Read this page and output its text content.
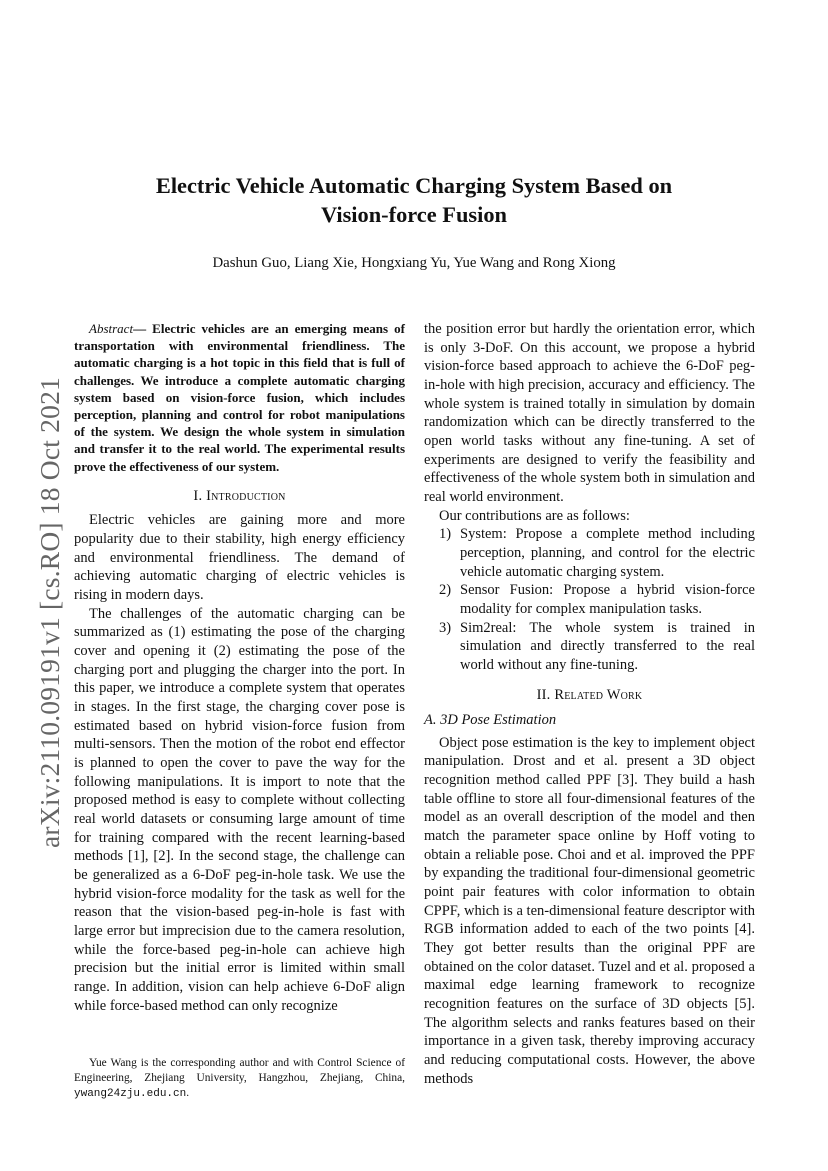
arXiv:2110.09191v1 [cs.RO] 18 Oct 2021
Electric Vehicle Automatic Charging System Based on
Vision-force Fusion
Dashun Guo, Liang Xie, Hongxiang Yu, Yue Wang and Rong Xiong

Abstract— Electric vehicles are an emerging means of transportation with environmental friendliness. The automatic charging is a hot topic in this field that is full of challenges. We introduce a complete automatic charging system based on vision-force fusion, which includes perception, planning and control for robot manipulations of the system. We design the whole system in simulation and transfer it to the real world. The experimental results prove the effectiveness of our system.

I. Introduction

Electric vehicles are gaining more and more popularity due to their stability, high energy efficiency and environmental friendliness. The demand of achieving automatic charging of electric vehicles is rising in modern days.

The challenges of the automatic charging can be summarized as (1) estimating the pose of the charging cover and opening it (2) estimating the pose of the charging port and plugging the charger into the port. In this paper, we introduce a complete system that operates in stages. In the first stage, the charging cover pose is estimated based on hybrid vision-force fusion from multi-sensors. Then the motion of the robot end effector is planned to open the cover to pave the way for the following manipulations. It is import to note that the proposed method is easy to complete without collecting real world datasets or consuming large amount of time for training compared with the recent learning-based methods [1], [2]. In the second stage, the challenge can be generalized as a 6-DoF peg-in-hole task. We use the hybrid vision-force modality for the task as well for the reason that the vision-based peg-in-hole is fast with large error but imprecision due to the camera resolution, while the force-based peg-in-hole can achieve high precision but the initial error is limited within small range. In addition, vision can help achieve 6-DoF align while force-based method can only recognize

the position error but hardly the orientation error, which is only 3-DoF. On this account, we propose a hybrid vision-force based approach to achieve the 6-DoF peg-in-hole with high precision, accuracy and efficiency. The whole system is trained totally in simulation by domain randomization which can be directly transferred to the open world tasks without any fine-tuning. A set of experiments are designed to verify the feasibility and effectiveness of the whole system both in simulation and real world environment.

Our contributions are as follows:

1) System: Propose a complete method including perception, planning, and control for the electric vehicle automatic charging system.
2) Sensor Fusion: Propose a hybrid vision-force modality for complex manipulation tasks.
3) Sim2real: The whole system is trained in simulation and directly transferred to the real world without any fine-tuning.
II. Related Work
A. 3D Pose Estimation

Object pose estimation is the key to implement object manipulation. Drost and et al. present a 3D object recognition method called PPF [3]. They build a hash table offline to store all four-dimensional features of the model as an overall description of the model and then match the parameter space online by Hoff voting to obtain a reliable pose. Choi and et al. improved the PPF by expanding the traditional four-dimensional geometric point pair features with color information to obtain CPPF, which is a ten-dimensional feature descriptor with RGB information added to each of the two points [4]. They got better results than the original PPF are obtained on the color dataset. Tuzel and et al. proposed a maximal edge learning framework to recognize recognition features on the surface of 3D objects [5]. The algorithm selects and ranks features based on their importance in a given task, thereby improving accuracy and reducing computational costs. However, the above methods

Yue Wang is the corresponding author and with Control Science of Engineering, Zhejiang University, Hangzhou, Zhejiang, China, ywang24zju.edu.cn.
